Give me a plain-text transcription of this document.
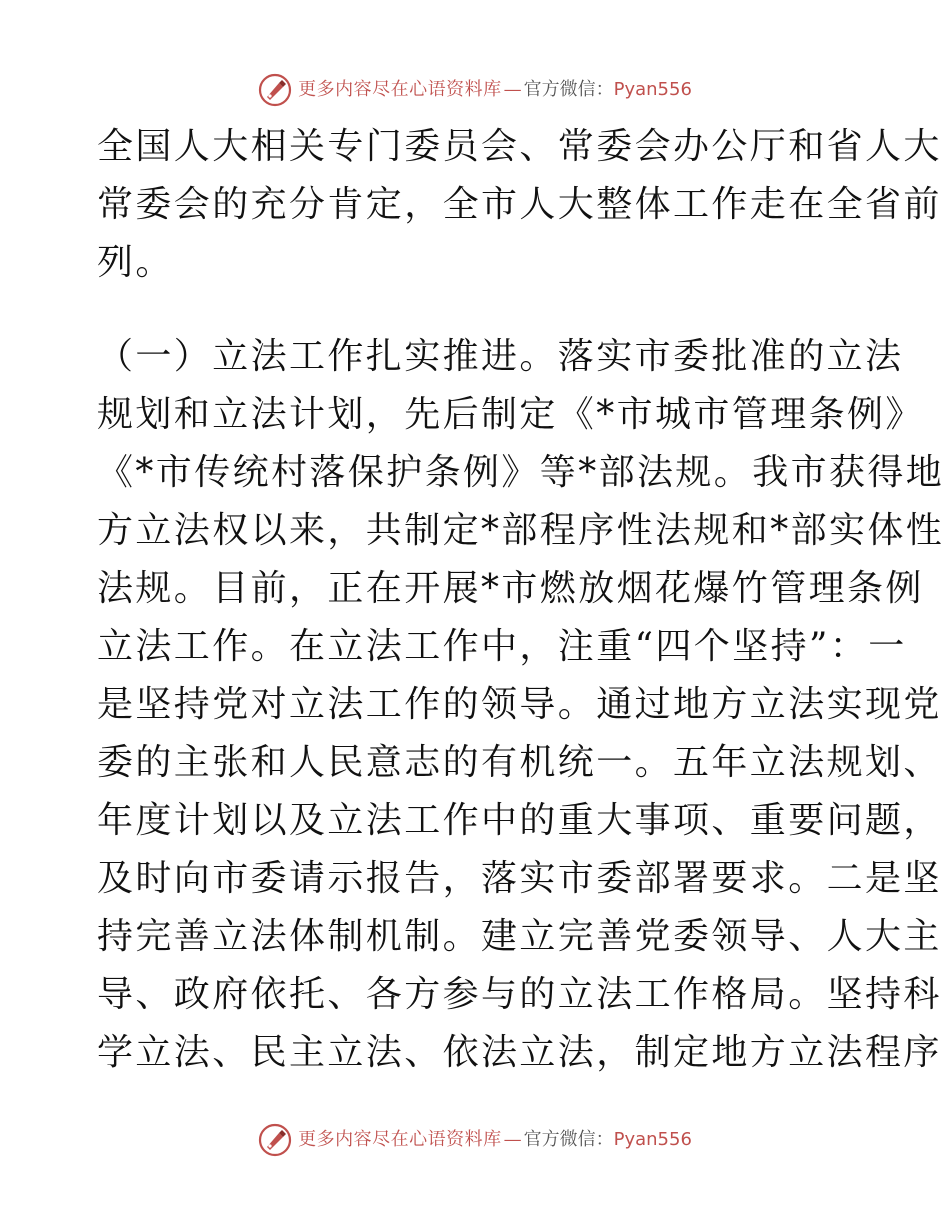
更多内容尽在心语资料库 — 官方微信： Pyan556
全国人大相关专门委员会、常委会办公厅和省人大
常委会的充分肯定，全市人大整体工作走在全省前
列。
（一）立法工作扎实推进。落实市委批准的立法
规划和立法计划，先后制定《*市城市管理条例》
《*市传统村落保护条例》等*部法规。我市获得地
方立法权以来，共制定*部程序性法规和*部实体性
法规。目前，正在开展*市燃放烟花爆竹管理条例
立法工作。在立法工作中，注重“四个坚持”：一
是坚持党对立法工作的领导。通过地方立法实现党
委的主张和人民意志的有机统一。五年立法规划、
年度计划以及立法工作中的重大事项、重要问题，
及时向市委请示报告，落实市委部署要求。二是坚
持完善立法体制机制。建立完善党委领导、人大主
导、政府依托、各方参与的立法工作格局。坚持科
学立法、民主立法、依法立法，制定地方立法程序
更多内容尽在心语资料库 — 官方微信： Pyan556
